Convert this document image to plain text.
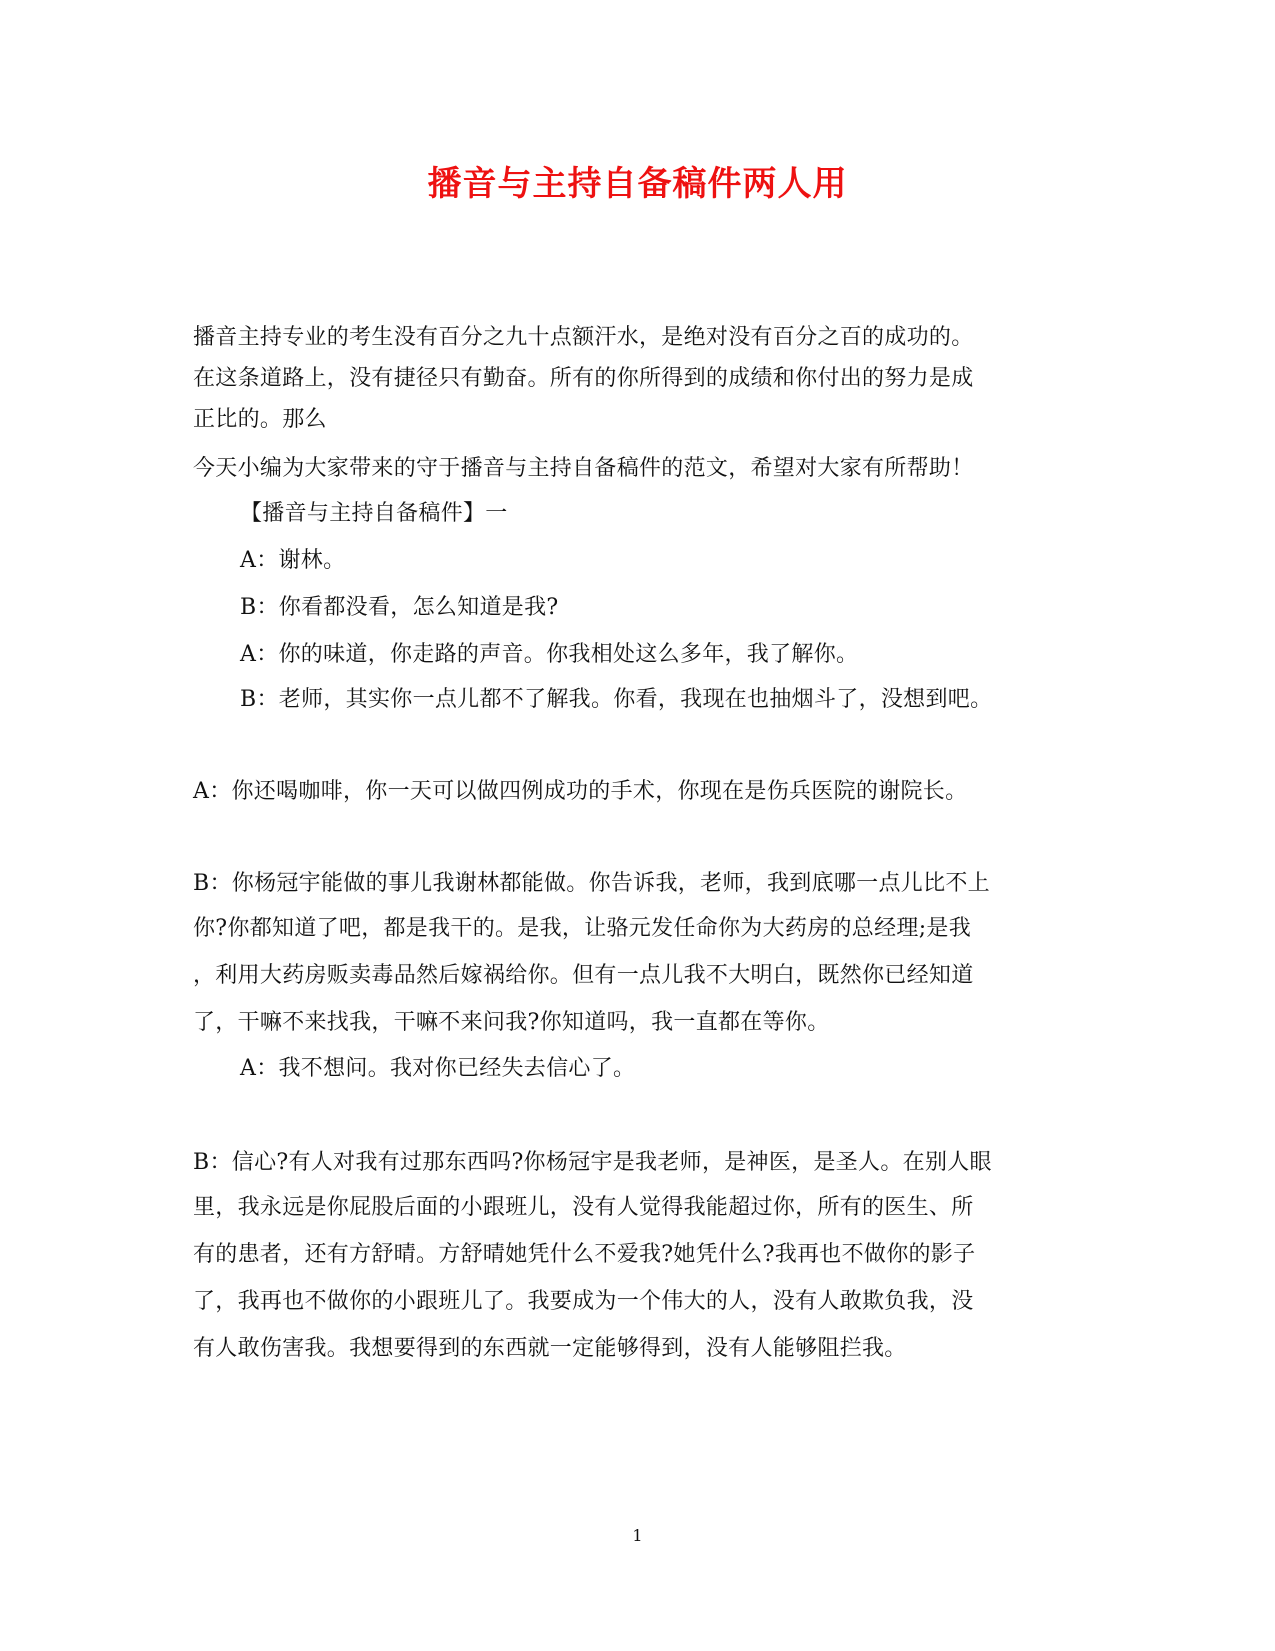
播音与主持自备稿件两人用
播音主持专业的考生没有百分之九十点额汗水，是绝对没有百分之百的成功的。
在这条道路上，没有捷径只有勤奋。所有的你所得到的成绩和你付出的努力是成
正比的。那么
今天小编为大家带来的守于播音与主持自备稿件的范文，希望对大家有所帮助！
【播音与主持自备稿件】一
A：谢林。
B：你看都没看，怎么知道是我?
A：你的味道，你走路的声音。你我相处这么多年，我了解你。
B：老师，其实你一点儿都不了解我。你看，我现在也抽烟斗了，没想到吧。
A：你还喝咖啡，你一天可以做四例成功的手术，你现在是伤兵医院的谢院长。
B：你杨冠宇能做的事儿我谢林都能做。你告诉我，老师，我到底哪一点儿比不上
你?你都知道了吧，都是我干的。是我，让骆元发任命你为大药房的总经理;是我
，利用大药房贩卖毒品然后嫁祸给你。但有一点儿我不大明白，既然你已经知道
了，干嘛不来找我，干嘛不来问我?你知道吗，我一直都在等你。
A：我不想问。我对你已经失去信心了。
B：信心?有人对我有过那东西吗?你杨冠宇是我老师，是神医，是圣人。在别人眼
里，我永远是你屁股后面的小跟班儿，没有人觉得我能超过你，所有的医生、所
有的患者，还有方舒晴。方舒晴她凭什么不爱我?她凭什么?我再也不做你的影子
了，我再也不做你的小跟班儿了。我要成为一个伟大的人，没有人敢欺负我，没
有人敢伤害我。我想要得到的东西就一定能够得到，没有人能够阻拦我。
1
